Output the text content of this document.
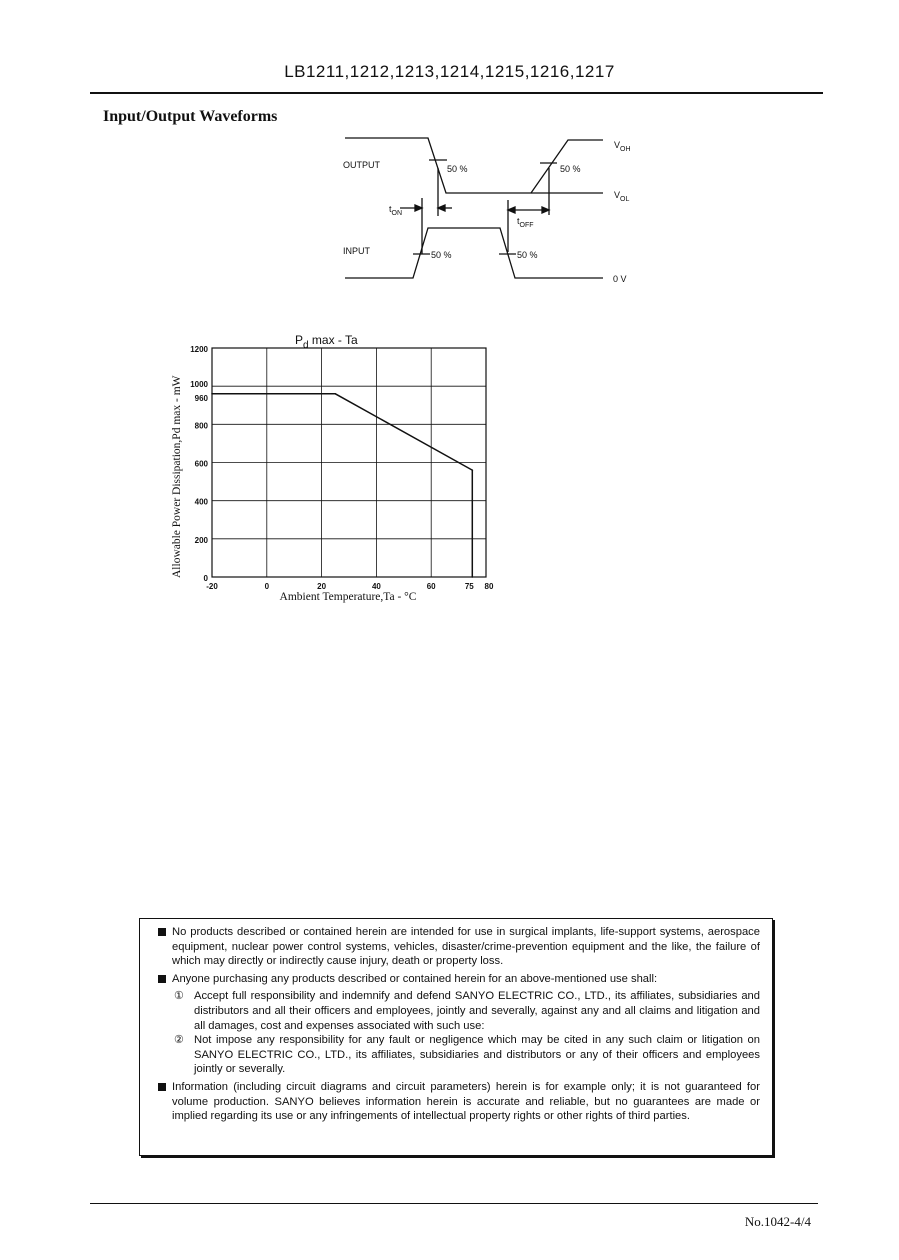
LB1211,1212,1213,1214,1215,1216,1217
Input/Output Waveforms
OUTPUT
INPUT
50 %	50 %
50 %	50 %
$V_{OH}$
$V_{OL}$
0 V
$t_{ON}$
$t_{OFF}$
0
200
400
600
800
960
1000
1200
-20	0	20	40	60	75 80
$P_d$ max - Ta
Allowable Power Dissipation,Pd max - mW
Ambient Temperature,Ta - °C
No products described or contained herein are intended for use in surgical implants, life-support systems, aerospace equipment, nuclear power control systems, vehicles, disaster/crime-prevention equipment and the like, the failure of which may directly or indirectly cause injury, death or property loss.
Anyone purchasing any products described or contained herein for an above-mentioned use shall:
① Accept full responsibility and indemnify and defend SANYO ELECTRIC CO., LTD., its affiliates, subsidiaries and distributors and all their officers and employees, jointly and severally, against any and all claims and litigation and all damages, cost and expenses associated with such use:
② Not impose any responsibility for any fault or negligence which may be cited in any such claim or litigation on SANYO ELECTRIC CO., LTD., its affiliates, subsidiaries and distributors or any of their officers and employees jointly or severally.
Information (including circuit diagrams and circuit parameters) herein is for example only; it is not guaranteed for volume production. SANYO believes information herein is accurate and reliable, but no guarantees are made or implied regarding its use or any infringements of intellectual property rights or other rights of third parties.
No.1042-4/4
